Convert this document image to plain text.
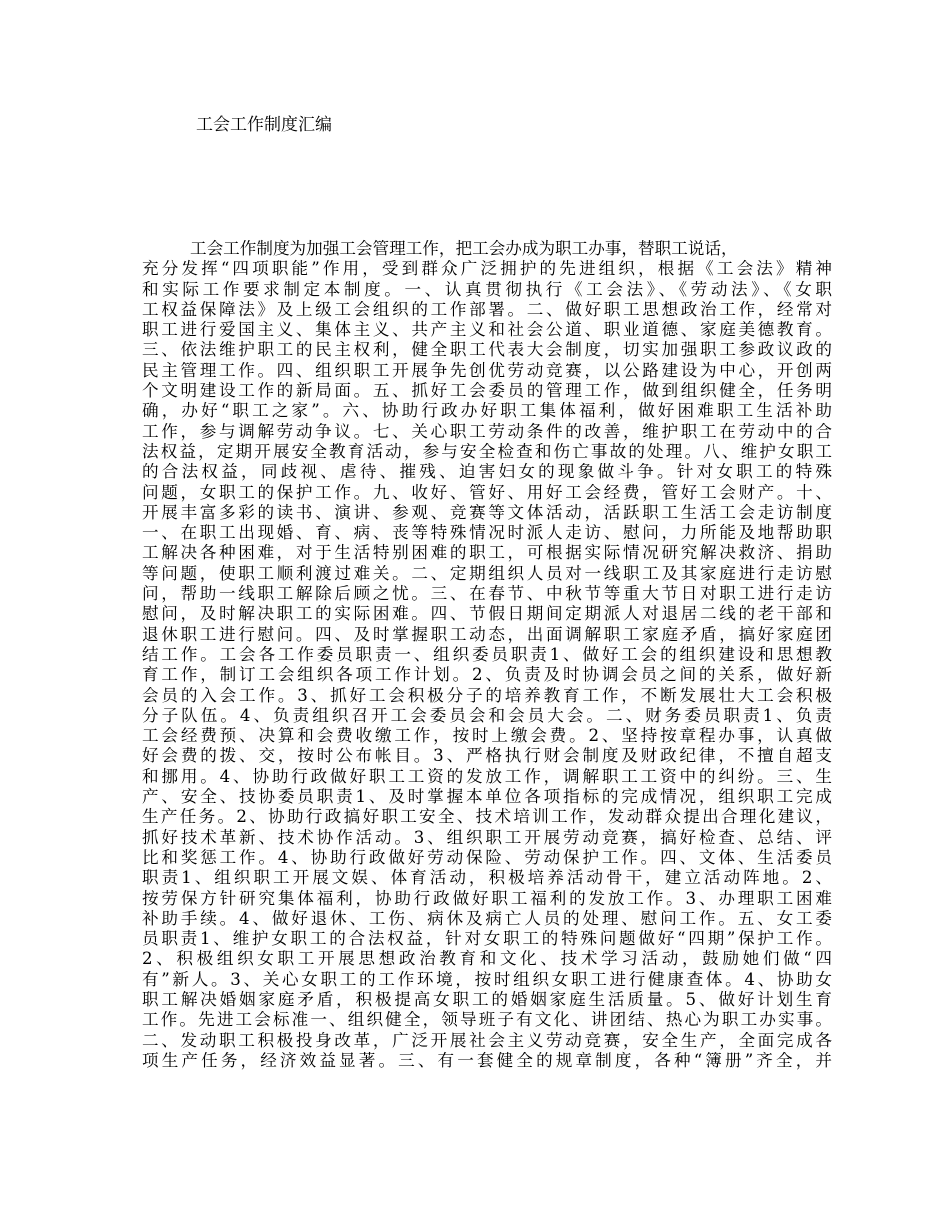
工会工作制度汇编
工会工作制度为加强工会管理工作，把工会办成为职工办事，替职工说话，
充分发挥“四项职能”作用，受到群众广泛拥护的先进组织，根据《工会法》精神
和实际工作要求制定本制度。一、认真贯彻执行《工会法》、《劳动法》、《女职
工权益保障法》及上级工会组织的工作部署。二、做好职工思想政治工作，经常对
职工进行爱国主义、集体主义、共产主义和社会公道、职业道德、家庭美德教育。
三、依法维护职工的民主权利，健全职工代表大会制度，切实加强职工参政议政的
民主管理工作。四、组织职工开展争先创优劳动竞赛，以公路建设为中心，开创两
个文明建设工作的新局面。五、抓好工会委员的管理工作，做到组织健全，任务明
确，办好“职工之家”。六、协助行政办好职工集体福利，做好困难职工生活补助
工作，参与调解劳动争议。七、关心职工劳动条件的改善，维护职工在劳动中的合
法权益，定期开展安全教育活动，参与安全检查和伤亡事故的处理。八、维护女职工
的合法权益，同歧视、虐待、摧残、迫害妇女的现象做斗争。针对女职工的特殊
问题，女职工的保护工作。九、收好、管好、用好工会经费，管好工会财产。十、
开展丰富多彩的读书、演讲、参观、竞赛等文体活动，活跃职工生活工会走访制度
一、在职工出现婚、育、病、丧等特殊情况时派人走访、慰问，力所能及地帮助职
工解决各种困难，对于生活特别困难的职工，可根据实际情况研究解决救济、捐助
等问题，使职工顺利渡过难关。二、定期组织人员对一线职工及其家庭进行走访慰
问，帮助一线职工解除后顾之忧。三、在春节、中秋节等重大节日对职工进行走访
慰问，及时解决职工的实际困难。四、节假日期间定期派人对退居二线的老干部和
退休职工进行慰问。四、及时掌握职工动态，出面调解职工家庭矛盾，搞好家庭团
结工作。工会各工作委员职责一、组织委员职责1、做好工会的组织建设和思想教
育工作，制订工会组织各项工作计划。2、负责及时协调会员之间的关系，做好新
会员的入会工作。3、抓好工会积极分子的培养教育工作，不断发展壮大工会积极
分子队伍。4、负责组织召开工会委员会和会员大会。二、财务委员职责1、负责
工会经费预、决算和会费收缴工作，按时上缴会费。2、坚持按章程办事，认真做
好会费的拨、交，按时公布帐目。3、严格执行财会制度及财政纪律，不擅自超支
和挪用。4、协助行政做好职工工资的发放工作，调解职工工资中的纠纷。三、生
产、安全、技协委员职责1、及时掌握本单位各项指标的完成情况，组织职工完成
生产任务。2、协助行政搞好职工安全、技术培训工作，发动群众提出合理化建议，
抓好技术革新、技术协作活动。3、组织职工开展劳动竞赛，搞好检查、总结、评
比和奖惩工作。4、协助行政做好劳动保险、劳动保护工作。四、文体、生活委员
职责1、组织职工开展文娱、体育活动，积极培养活动骨干，建立活动阵地。2、
按劳保方针研究集体福利，协助行政做好职工福利的发放工作。3、办理职工困难
补助手续。4、做好退休、工伤、病休及病亡人员的处理、慰问工作。五、女工委
员职责1、维护女职工的合法权益，针对女职工的特殊问题做好“四期”保护工作。
2、积极组织女职工开展思想政治教育和文化、技术学习活动，鼓励她们做“四
有”新人。3、关心女职工的工作环境，按时组织女职工进行健康查体。4、协助女
职工解决婚姻家庭矛盾，积极提高女职工的婚姻家庭生活质量。5、做好计划生育
工作。先进工会标准一、组织健全，领导班子有文化、讲团结、热心为职工办实事。
二、发动职工积极投身改革，广泛开展社会主义劳动竞赛，安全生产，全面完成各
项生产任务，经济效益显著。三、有一套健全的规章制度，各种“簿册”齐全，并
